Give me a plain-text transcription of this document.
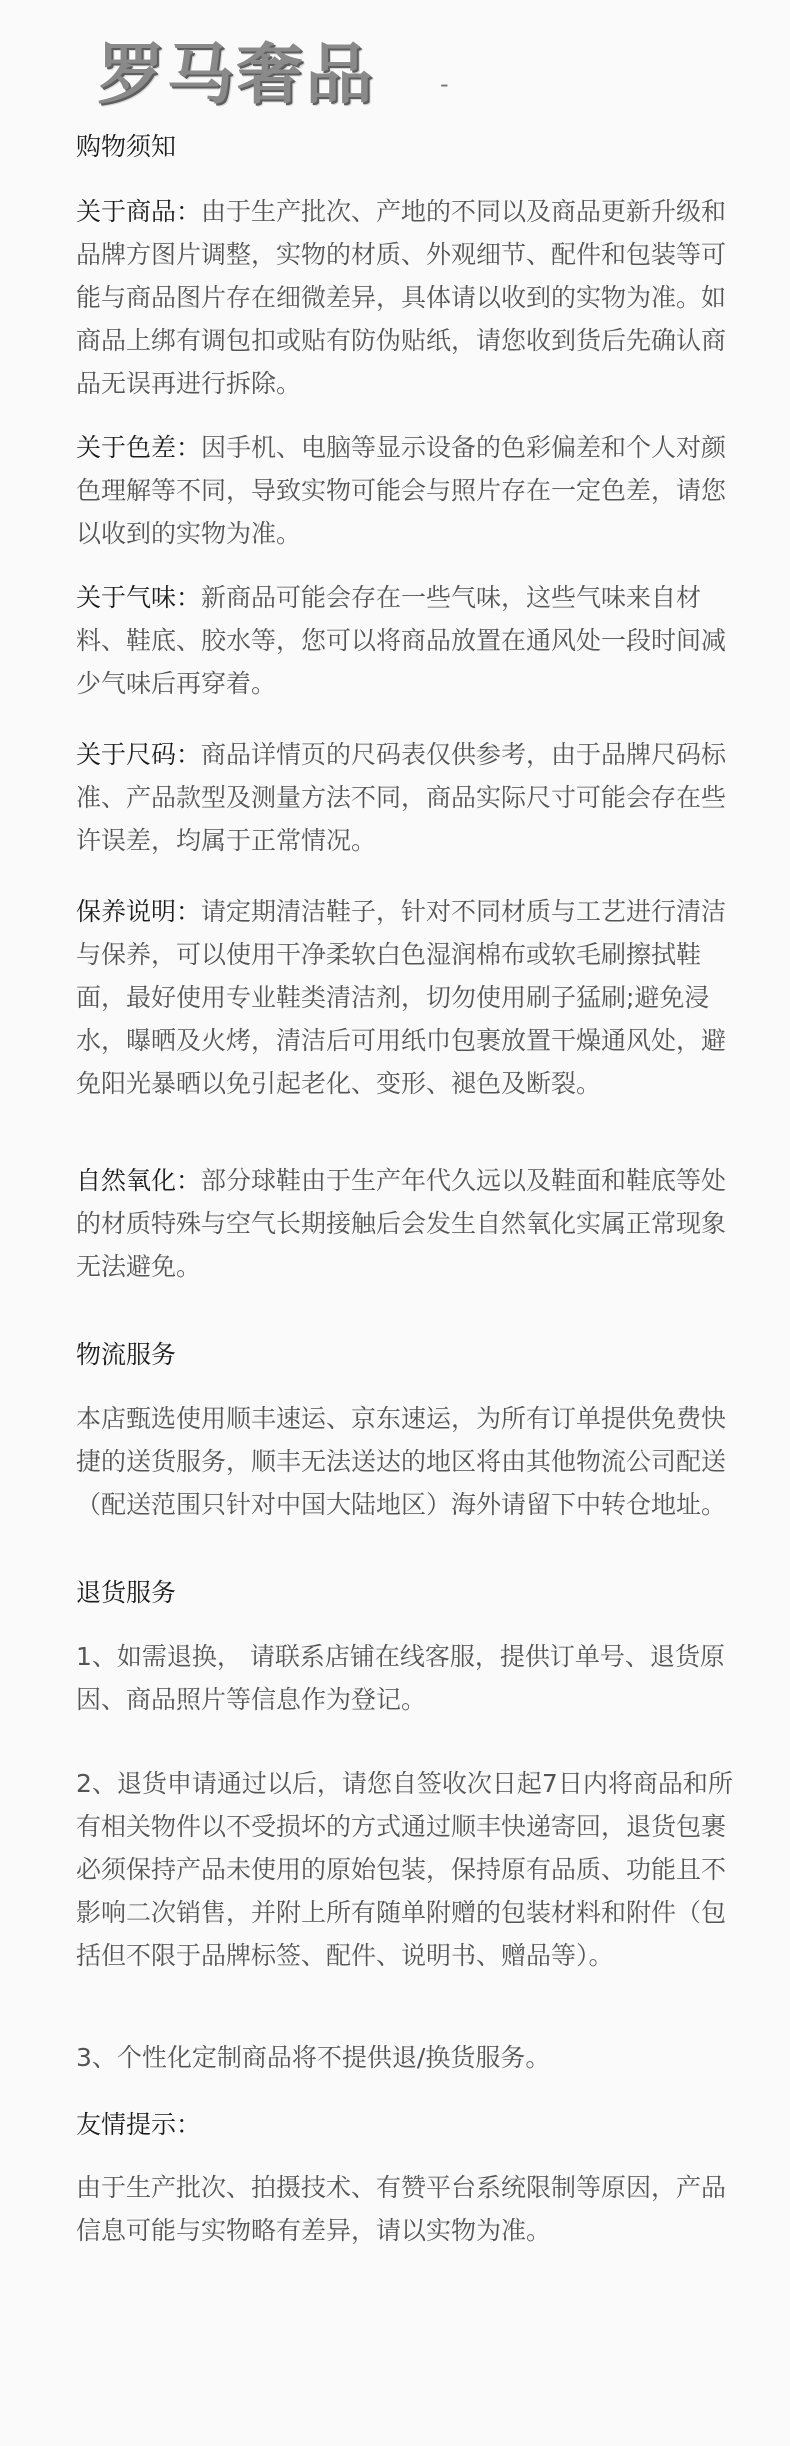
罗马奢品	-
购物须知
关于商品：由于生产批次、产地的不同以及商品更新升级和品牌方图片调整，实物的材质、外观细节、配件和包装等可能与商品图片存在细微差异，具体请以收到的实物为准。如商品上绑有调包扣或贴有防伪贴纸，请您收到货后先确认商品无误再进行拆除。
关于色差：因手机、电脑等显示设备的色彩偏差和个人对颜色理解等不同，导致实物可能会与照片存在一定色差，请您以收到的实物为准。
关于气味：新商品可能会存在一些气味，这些气味来自材料、鞋底、胶水等，您可以将商品放置在通风处一段时间减少气味后再穿着。
关于尺码：商品详情页的尺码表仅供参考，由于品牌尺码标准、产品款型及测量方法不同，商品实际尺寸可能会存在些许误差，均属于正常情况。
保养说明：请定期清洁鞋子，针对不同材质与工艺进行清洁与保养，可以使用干净柔软白色湿润棉布或软毛刷擦拭鞋面，最好使用专业鞋类清洁剂，切勿使用刷子猛刷;避免浸水，曝晒及火烤，清洁后可用纸巾包裹放置干燥通风处，避免阳光暴晒以免引起老化、变形、褪色及断裂。
自然氧化：部分球鞋由于生产年代久远以及鞋面和鞋底等处的材质特殊与空气长期接触后会发生自然氧化实属正常现象无法避免。
物流服务
本店甄选使用顺丰速运、京东速运，为所有订单提供免费快捷的送货服务，顺丰无法送达的地区将由其他物流公司配送（配送范围只针对中国大陆地区）海外请留下中转仓地址。
退货服务
1、如需退换， 请联系店铺在线客服，提供订单号、退货原因、商品照片等信息作为登记。
2、退货申请通过以后，请您自签收次日起7日内将商品和所有相关物件以不受损坏的方式通过顺丰快递寄回，退货包裹必须保持产品未使用的原始包装，保持原有品质、功能且不影响二次销售，并附上所有随单附赠的包装材料和附件（包括但不限于品牌标签、配件、说明书、赠品等）。
3、个性化定制商品将不提供退/换货服务。
友情提示：
由于生产批次、拍摄技术、有赞平台系统限制等原因，产品信息可能与实物略有差异，请以实物为准。
